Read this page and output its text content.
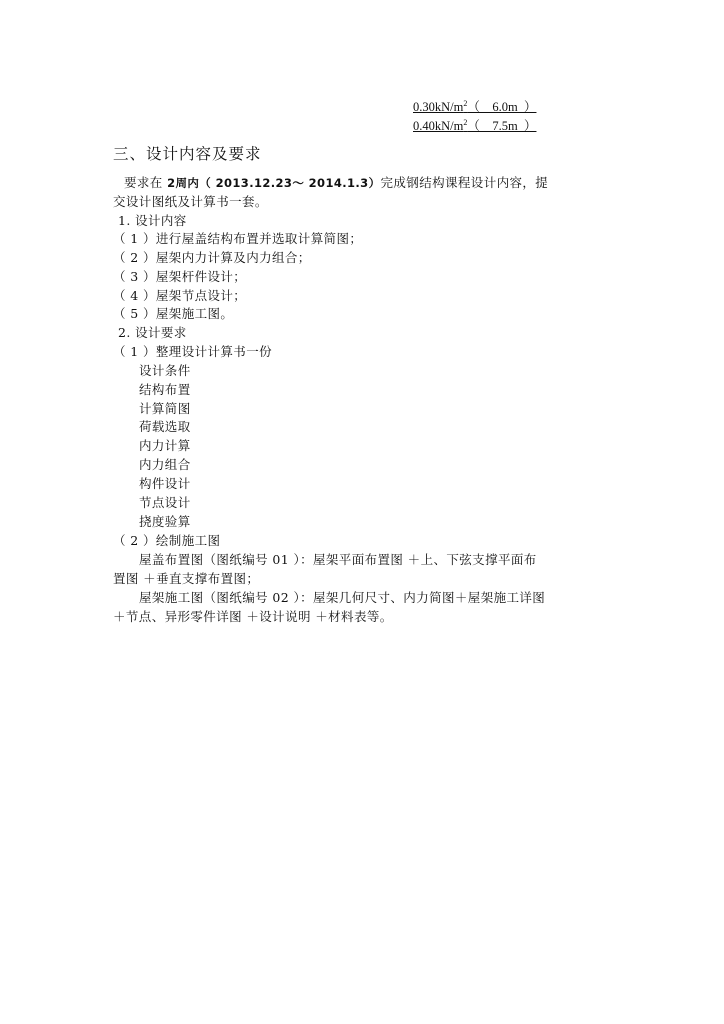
$0.30kN/m^2$（    6.0m  ）
$0.40kN/m^2$（    7.5m  ）
三、设计内容及要求
要求在 2周内（ 2013.12.23～ 2014.1.3）完成钢结构课程设计内容，提
交设计图纸及计算书一套。
1. 设计内容
（ 1 ）进行屋盖结构布置并选取计算简图；
（ 2 ）屋架内力计算及内力组合；
（ 3 ）屋架杆件设计；
（ 4 ）屋架节点设计；
（ 5 ）屋架施工图。
2. 设计要求
（ 1 ）整理设计计算书一份
设计条件
结构布置
计算简图
荷载选取
内力计算
内力组合
构件设计
节点设计
挠度验算
（ 2 ）绘制施工图
屋盖布置图（图纸编号 01 ）：屋架平面布置图 ＋上、下弦支撑平面布
置图 ＋垂直支撑布置图；
屋架施工图（图纸编号 02 ）：屋架几何尺寸、内力简图＋屋架施工详图
＋节点、异形零件详图 ＋设计说明 ＋材料表等。
